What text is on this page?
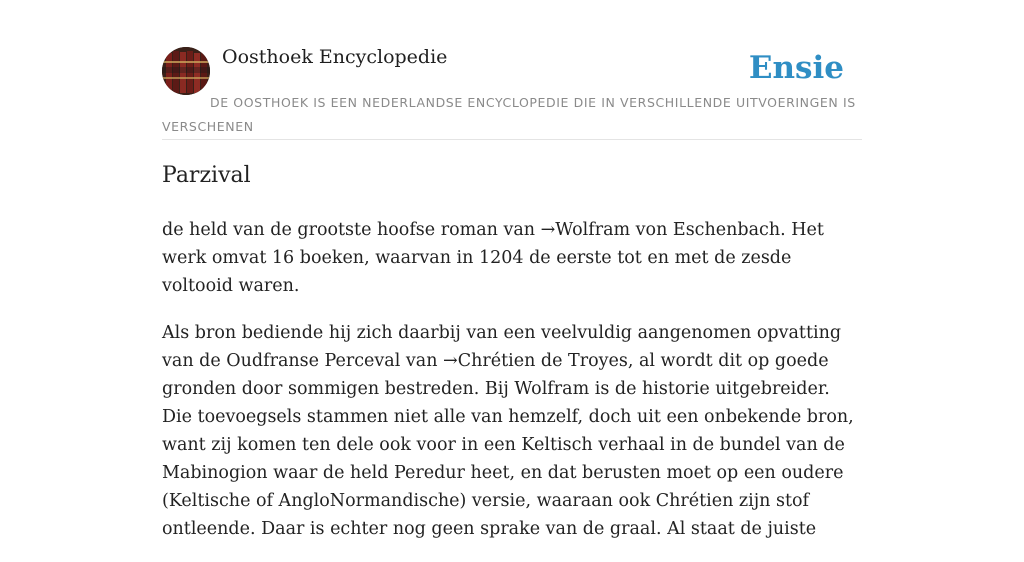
Oosthoek Encyclopedie	Ensie
DE OOSTHOEK IS EEN NEDERLANDSE ENCYCLOPEDIE DIE IN VERSCHILLENDE UITVOERINGEN IS VERSCHENEN
Parzival

de held van de grootste hoofse roman van →Wolfram von Eschenbach. Het werk omvat 16 boeken, waarvan in 1204 de eerste tot en met de zesde voltooid waren.

Als bron bediende hij zich daarbij van een veelvuldig aangenomen opvatting van de Oudfranse Perceval van →Chrétien de Troyes, al wordt dit op goede gronden door sommigen bestreden. Bij Wolfram is de historie uitgebreider. Die toevoegsels stammen niet alle van hemzelf, doch uit een onbekende bron, want zij komen ten dele ook voor in een Keltisch verhaal in de bundel van de Mabinogion waar de held Peredur heet, en dat berusten moet op een oudere (Keltische of AngloNormandische) versie, waaraan ook Chrétien zijn stof ontleende. Daar is echter nog geen sprake van de graal. Al staat de juiste
